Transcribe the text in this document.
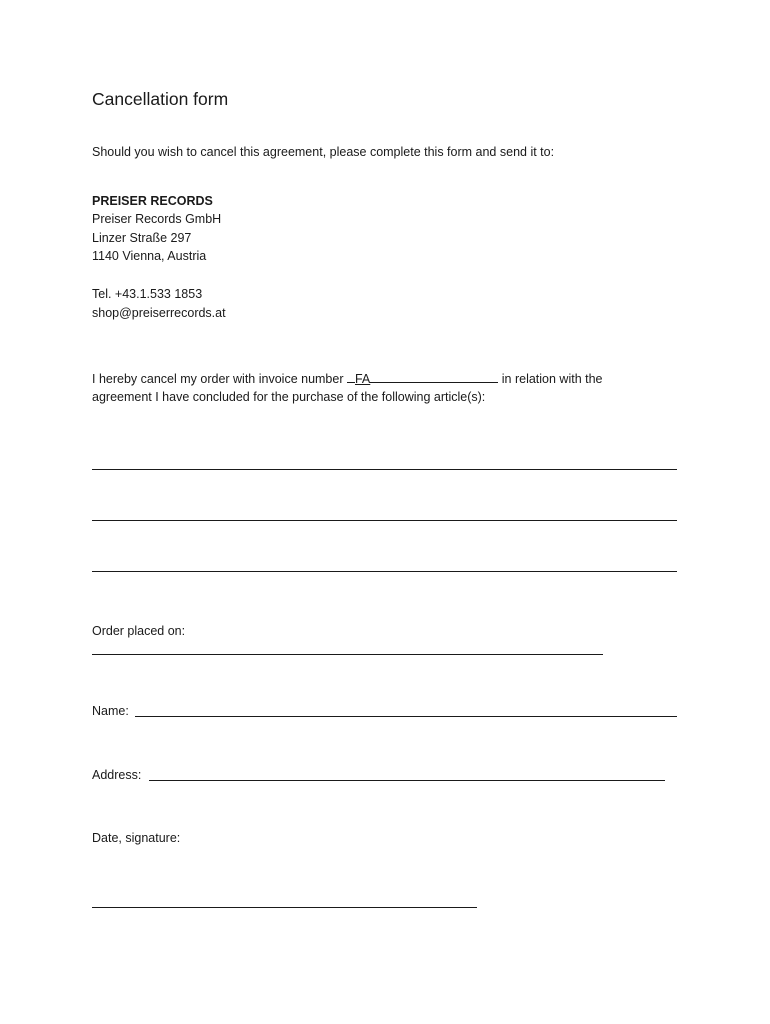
Cancellation form
Should you wish to cancel this agreement, please complete this form and send it to:
PREISER RECORDS
Preiser Records GmbH
Linzer Straße 297
1140 Vienna, Austria
Tel. +43.1.533 1853
shop@preiserrecords.at
I hereby cancel my order with invoice number FA	in relation with the
agreement I have concluded for the purchase of the following article(s):
Order placed on:
Name:
Address:
Date, signature:
